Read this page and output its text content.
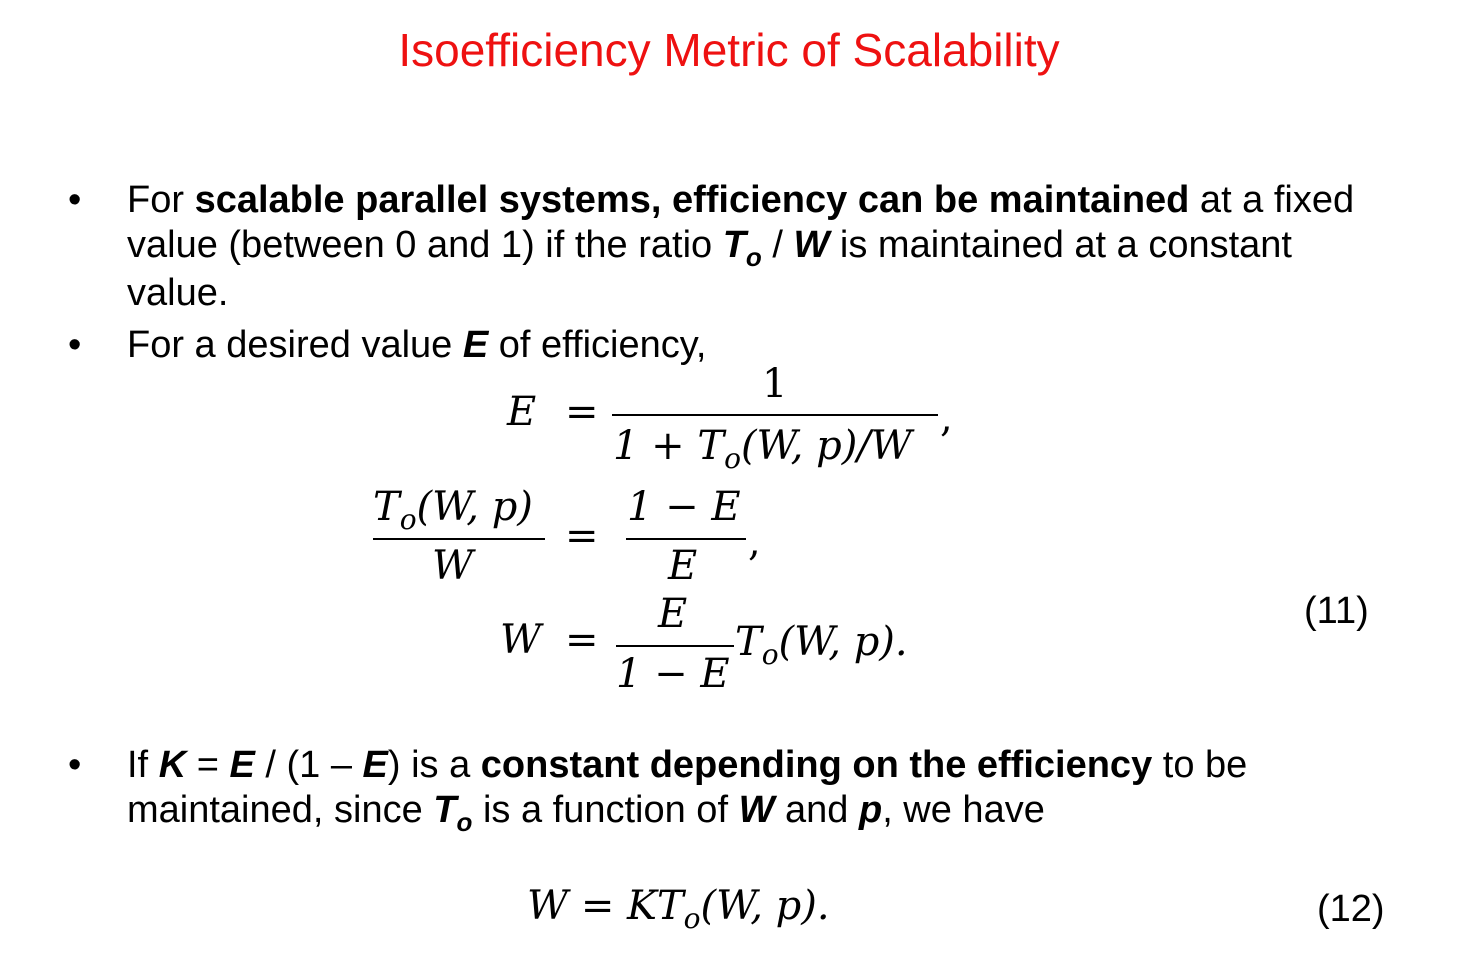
Isoefficiency Metric of Scalability
•	For scalable parallel systems, efficiency can be maintained at a fixed value (between 0 and 1) if the ratio $T_o$ / W is maintained at a constant value.
•	For a desired value E of efficiency,
E =
1
$1 + T_o(W$, p)/W
,
$T_o(W$, p)
W
=
1 − E
E
,
W =
E
1 − E
$T_o(W$, p).
(11)
•	If K = E / (1 – E) is a constant depending on the efficiency to be maintained, since $T_o$ is a function of W and p, we have
$W = KT_o(W$, p).	(12)
